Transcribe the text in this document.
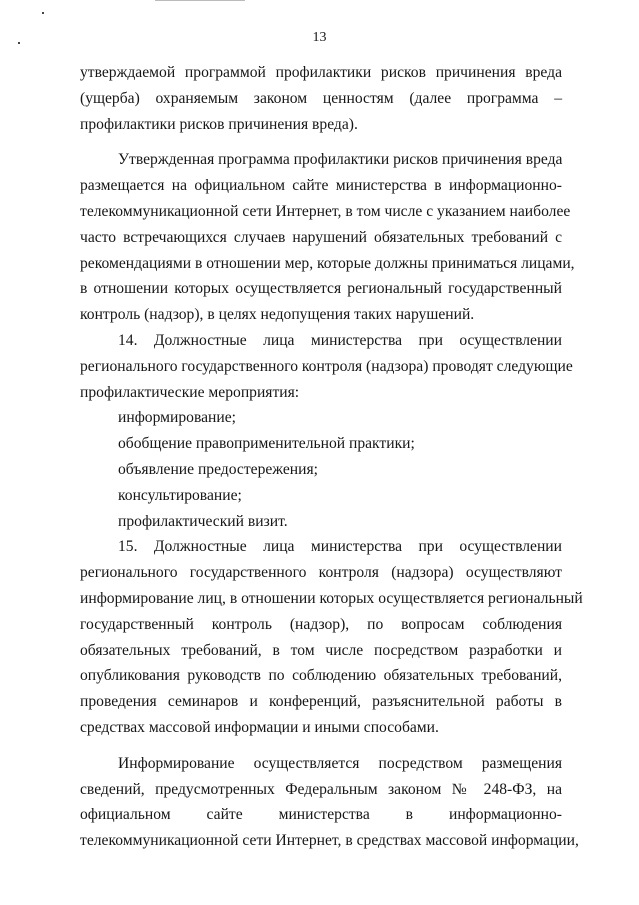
13
утверждаемой программой профилактики рисков причинения вреда
(ущерба) охраняемым законом ценностям (далее программа –
профилактики рисков причинения вреда).
Утвержденная программа профилактики рисков причинения вреда
размещается на официальном сайте министерства в информационно-
телекоммуникационной сети Интернет, в том числе с указанием наиболее
часто встречающихся случаев нарушений обязательных требований с
рекомендациями в отношении мер, которые должны приниматься лицами,
в отношении которых осуществляется региональный государственный
контроль (надзор), в целях недопущения таких нарушений.
14. Должностные лица министерства при осуществлении
регионального государственного контроля (надзора) проводят следующие
профилактические мероприятия:
информирование;
обобщение правоприменительной практики;
объявление предостережения;
консультирование;
профилактический визит.
15. Должностные лица министерства при осуществлении
регионального государственного контроля (надзора) осуществляют
информирование лиц, в отношении которых осуществляется региональный
государственный контроль (надзор), по вопросам соблюдения
обязательных требований, в том числе посредством разработки и
опубликования руководств по соблюдению обязательных требований,
проведения семинаров и конференций, разъяснительной работы в
средствах массовой информации и иными способами.
Информирование осуществляется посредством размещения
сведений, предусмотренных Федеральным законом № 248-ФЗ, на
официальном сайте министерства в информационно-
телекоммуникационной сети Интернет, в средствах массовой информации,
